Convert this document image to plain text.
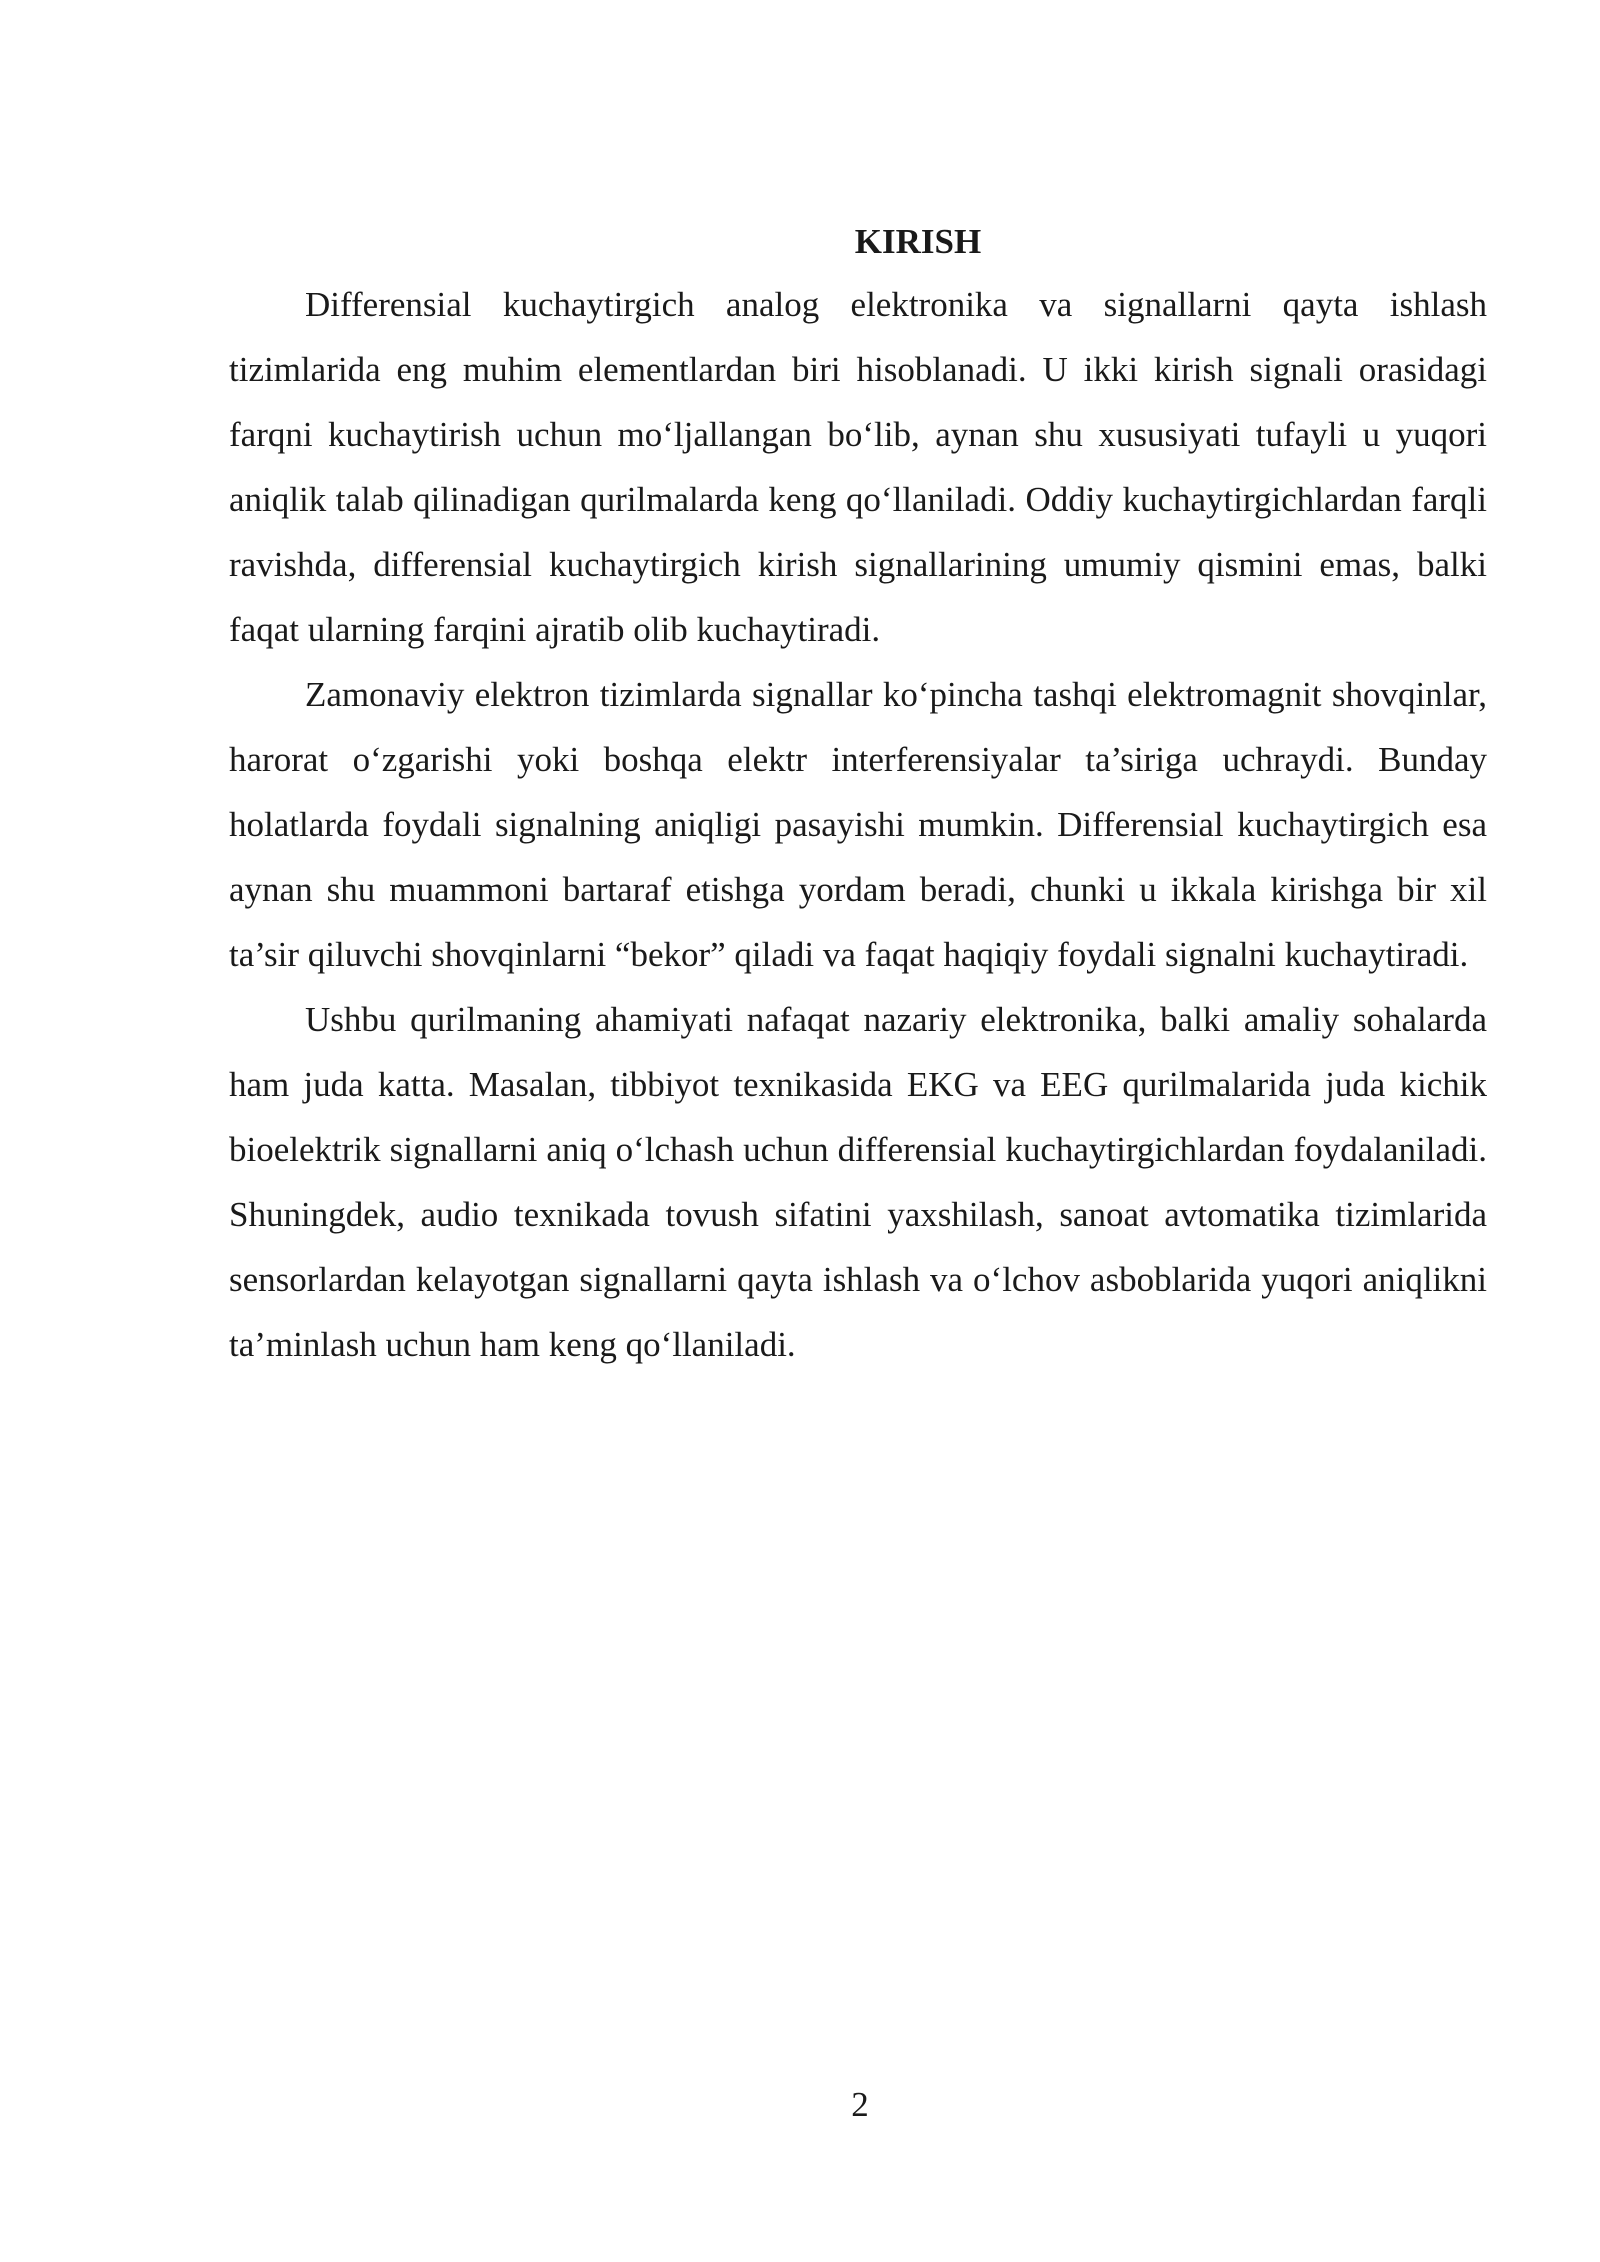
KIRISH

Differensial kuchaytirgich analog elektronika va signallarni qayta ishlash tizimlarida eng muhim elementlardan biri hisoblanadi. U ikki kirish signali orasidagi farqni kuchaytirish uchun mo‘ljallangan bo‘lib, aynan shu xususiyati tufayli u yuqori aniqlik talab qilinadigan qurilmalarda keng qo‘llaniladi. Oddiy kuchaytirgichlardan farqli ravishda, differensial kuchaytirgich kirish signallarining umumiy qismini emas, balki faqat ularning farqini ajratib olib kuchaytiradi.

Zamonaviy elektron tizimlarda signallar ko‘pincha tashqi elektromagnit shovqinlar, harorat o‘zgarishi yoki boshqa elektr interferensiyalar ta’siriga uchraydi. Bunday holatlarda foydali signalning aniqligi pasayishi mumkin. Differensial kuchaytirgich esa aynan shu muammoni bartaraf etishga yordam beradi, chunki u ikkala kirishga bir xil ta’sir qiluvchi shovqinlarni “bekor” qiladi va faqat haqiqiy foydali signalni kuchaytiradi.

Ushbu qurilmaning ahamiyati nafaqat nazariy elektronika, balki amaliy sohalarda ham juda katta. Masalan, tibbiyot texnikasida EKG va EEG qurilmalarida juda kichik bioelektrik signallarni aniq o‘lchash uchun differensial kuchaytirgichlardan foydalaniladi. Shuningdek, audio texnikada tovush sifatini yaxshilash, sanoat avtomatika tizimlarida sensorlardan kelayotgan signallarni qayta ishlash va o‘lchov asboblarida yuqori aniqlikni ta’minlash uchun ham keng qo‘llaniladi.

2
